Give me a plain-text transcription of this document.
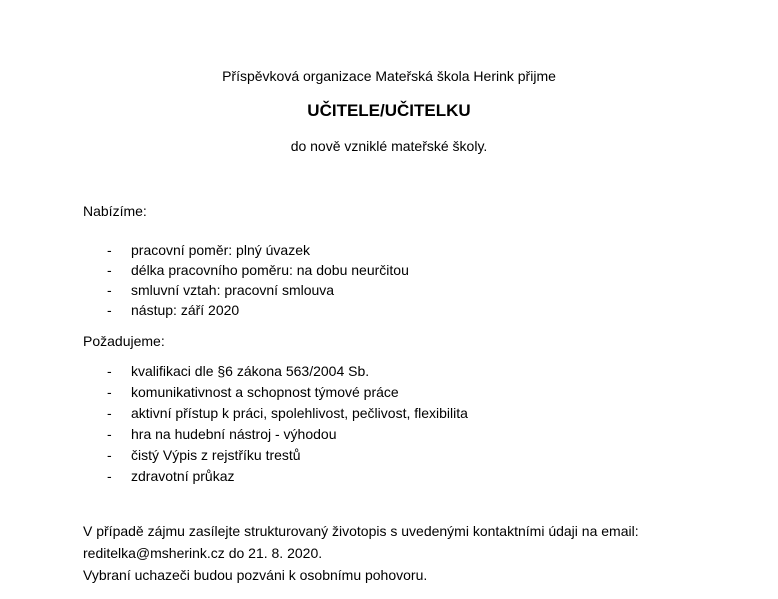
Příspěvková organizace Mateřská škola Herink přijme
UČITELE/UČITELKU
do nově vzniklé mateřské školy.
Nabízíme:
- pracovní poměr: plný úvazek
- délka pracovního poměru: na dobu neurčitou
- smluvní vztah: pracovní smlouva
- nástup: září 2020
Požadujeme:
- kvalifikaci dle §6 zákona 563/2004 Sb.
- komunikativnost a schopnost týmové práce
- aktivní přístup k práci, spolehlivost, pečlivost, flexibilita
- hra na hudební nástroj - výhodou
- čistý Výpis z rejstříku trestů
- zdravotní průkaz
V případě zájmu zasílejte strukturovaný životopis s uvedenými kontaktními údaji na email:
reditelka@msherink.cz do 21. 8. 2020.
Vybraní uchazeči budou pozváni k osobnímu pohovoru.
